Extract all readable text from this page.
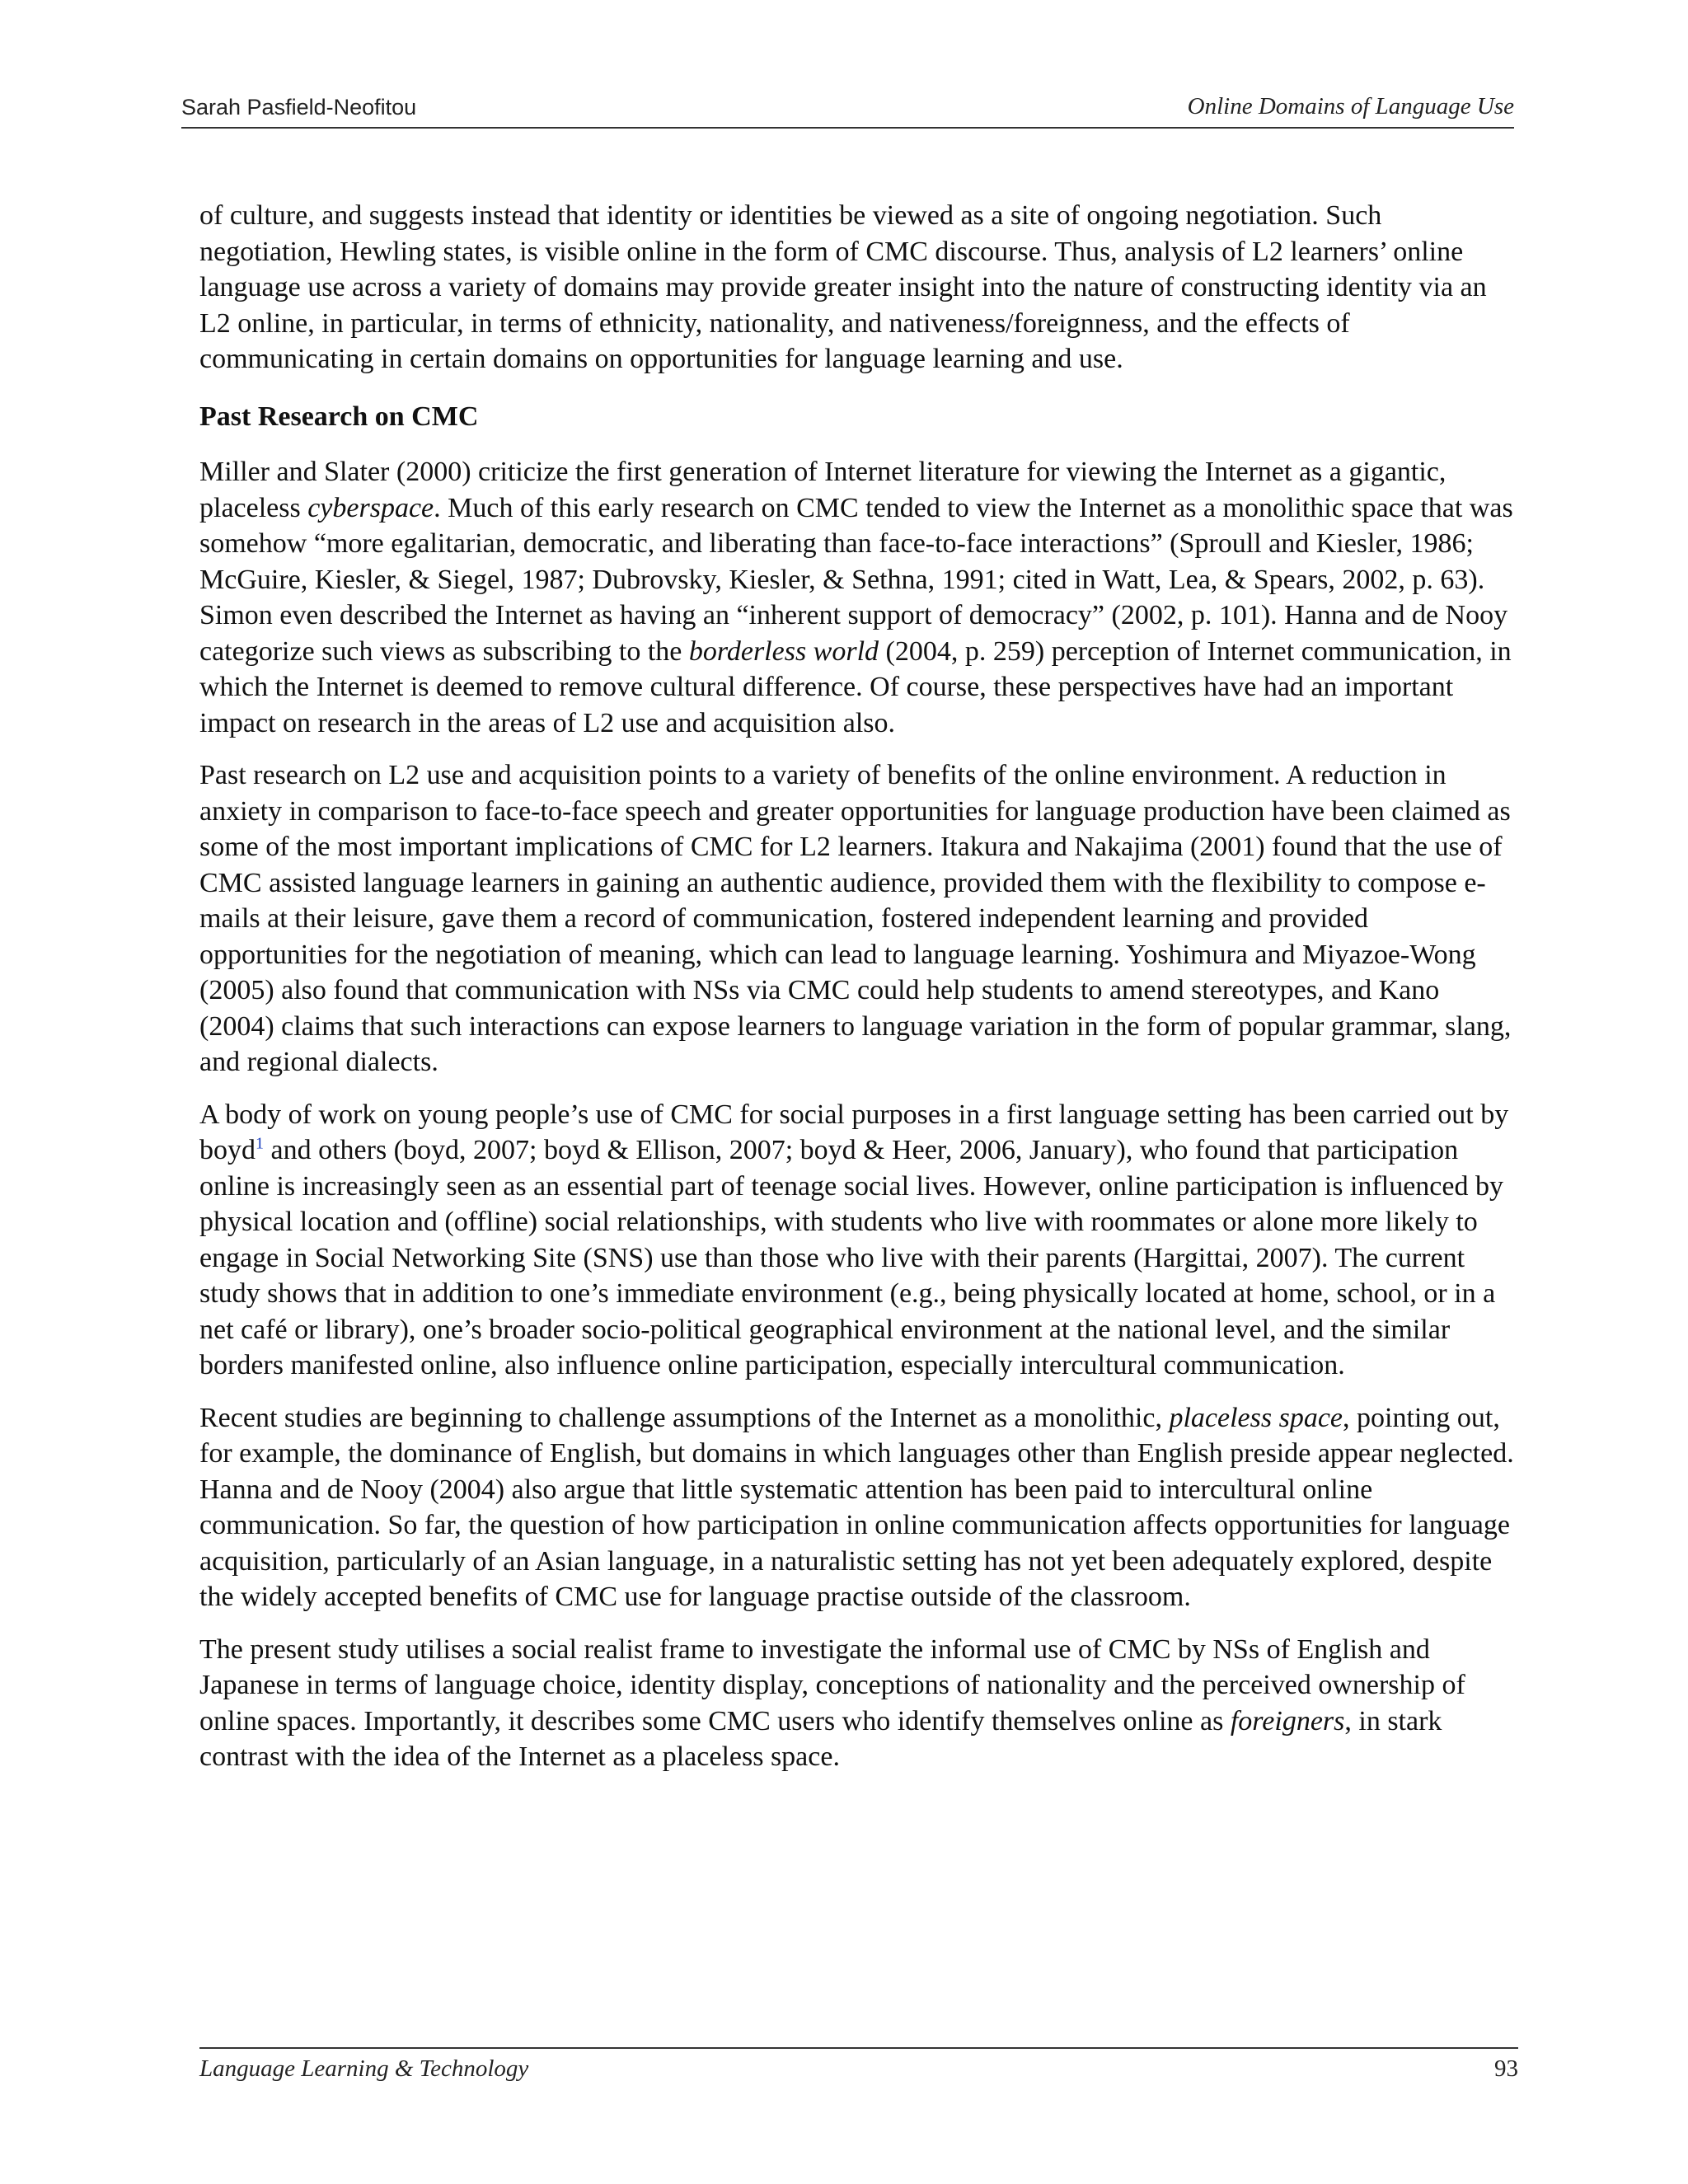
Sarah Pasfield-Neofitou	Online Domains of Language Use

of culture, and suggests instead that identity or identities be viewed as a site of ongoing negotiation. Such negotiation, Hewling states, is visible online in the form of CMC discourse. Thus, analysis of L2 learners’ online language use across a variety of domains may provide greater insight into the nature of constructing identity via an L2 online, in particular, in terms of ethnicity, nationality, and nativeness/foreignness, and the effects of communicating in certain domains on opportunities for language learning and use.

Past Research on CMC

Miller and Slater (2000) criticize the first generation of Internet literature for viewing the Internet as a gigantic, placeless cyberspace. Much of this early research on CMC tended to view the Internet as a monolithic space that was somehow “more egalitarian, democratic, and liberating than face-to-face interactions” (Sproull and Kiesler, 1986; McGuire, Kiesler, & Siegel, 1987; Dubrovsky, Kiesler, & Sethna, 1991; cited in Watt, Lea, & Spears, 2002, p. 63). Simon even described the Internet as having an “inherent support of democracy” (2002, p. 101). Hanna and de Nooy categorize such views as subscribing to the borderless world (2004, p. 259) perception of Internet communication, in which the Internet is deemed to remove cultural difference. Of course, these perspectives have had an important impact on research in the areas of L2 use and acquisition also.

Past research on L2 use and acquisition points to a variety of benefits of the online environment. A reduction in anxiety in comparison to face-to-face speech and greater opportunities for language production have been claimed as some of the most important implications of CMC for L2 learners. Itakura and Nakajima (2001) found that the use of CMC assisted language learners in gaining an authentic audience, provided them with the flexibility to compose e-mails at their leisure, gave them a record of communication, fostered independent learning and provided opportunities for the negotiation of meaning, which can lead to language learning. Yoshimura and Miyazoe-Wong (2005) also found that communication with NSs via CMC could help students to amend stereotypes, and Kano (2004) claims that such interactions can expose learners to language variation in the form of popular grammar, slang, and regional dialects.

A body of work on young people’s use of CMC for social purposes in a first language setting has been carried out by boyd$^1$ and others (boyd, 2007; boyd & Ellison, 2007; boyd & Heer, 2006, January), who found that participation online is increasingly seen as an essential part of teenage social lives. However, online participation is influenced by physical location and (offline) social relationships, with students who live with roommates or alone more likely to engage in Social Networking Site (SNS) use than those who live with their parents (Hargittai, 2007). The current study shows that in addition to one’s immediate environment (e.g., being physically located at home, school, or in a net café or library), one’s broader socio-political geographical environment at the national level, and the similar borders manifested online, also influence online participation, especially intercultural communication.

Recent studies are beginning to challenge assumptions of the Internet as a monolithic, placeless space, pointing out, for example, the dominance of English, but domains in which languages other than English preside appear neglected. Hanna and de Nooy (2004) also argue that little systematic attention has been paid to intercultural online communication. So far, the question of how participation in online communication affects opportunities for language acquisition, particularly of an Asian language, in a naturalistic setting has not yet been adequately explored, despite the widely accepted benefits of CMC use for language practise outside of the classroom.

The present study utilises a social realist frame to investigate the informal use of CMC by NSs of English and Japanese in terms of language choice, identity display, conceptions of nationality and the perceived ownership of online spaces. Importantly, it describes some CMC users who identify themselves online as foreigners, in stark contrast with the idea of the Internet as a placeless space.

Language Learning & Technology	93
